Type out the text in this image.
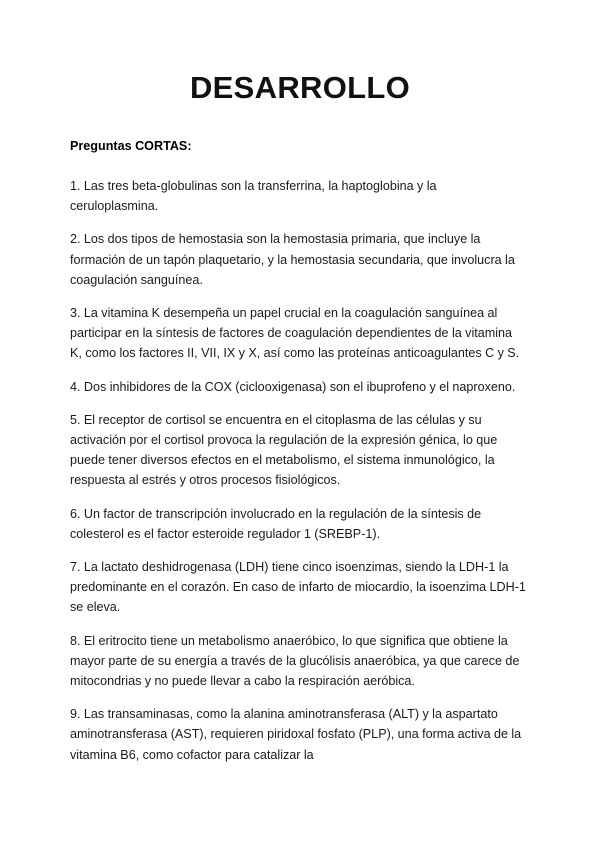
DESARROLLO

Preguntas CORTAS:

1. Las tres beta-globulinas son la transferrina, la haptoglobina y la ceruloplasmina.

2. Los dos tipos de hemostasia son la hemostasia primaria, que incluye la formación de un tapón plaquetario, y la hemostasia secundaria, que involucra la coagulación sanguínea.

3. La vitamina K desempeña un papel crucial en la coagulación sanguínea al participar en la síntesis de factores de coagulación dependientes de la vitamina K, como los factores II, VII, IX y X, así como las proteínas anticoagulantes C y S.

4. Dos inhibidores de la COX (ciclooxigenasa) son el ibuprofeno y el naproxeno.

5. El receptor de cortisol se encuentra en el citoplasma de las células y su activación por el cortisol provoca la regulación de la expresión génica, lo que puede tener diversos efectos en el metabolismo, el sistema inmunológico, la respuesta al estrés y otros procesos fisiológicos.

6. Un factor de transcripción involucrado en la regulación de la síntesis de colesterol es el factor esteroide regulador 1 (SREBP-1).

7. La lactato deshidrogenasa (LDH) tiene cinco isoenzimas, siendo la LDH-1 la predominante en el corazón. En caso de infarto de miocardio, la isoenzima LDH-1 se eleva.

8. El eritrocito tiene un metabolismo anaeróbico, lo que significa que obtiene la mayor parte de su energía a través de la glucólisis anaeróbica, ya que carece de mitocondrias y no puede llevar a cabo la respiración aeróbica.

9. Las transaminasas, como la alanina aminotransferasa (ALT) y la aspartato aminotransferasa (AST), requieren piridoxal fosfato (PLP), una forma activa de la vitamina B6, como cofactor para catalizar la
